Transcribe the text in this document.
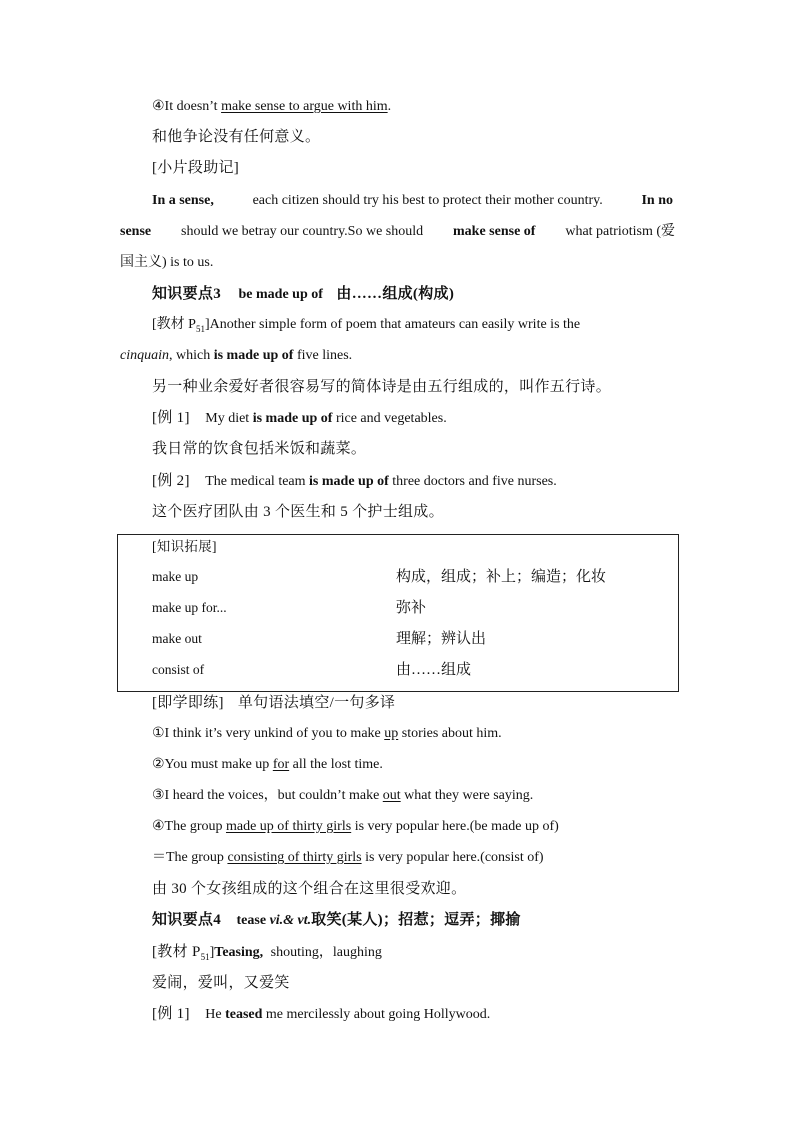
④It doesn’t make sense to argue with him.
和他争论没有任何意义。
[小片段助记]
In a sense,	each citizen should try his best to protect their mother country.	In no
sense should we betray our country.So we should make sense of what patriotism (爱
国主义) is to us.
知识要点3 be made up of 由……组成(构成)
[教材 $P_{51}]Another$ simple form of poem that amateurs can easily write is the
cinquain, which is made up of five lines.
另一种业余爱好者很容易写的简体诗是由五行组成的，叫作五行诗。
[例 1] My diet is made up of rice and vegetables.
我日常的饮食包括米饭和蔬菜。
[例 2] The medical team is made up of three doctors and five nurses.
这个医疗团队由 3 个医生和 5 个护士组成。
[知识拓展]
make up	构成，组成；补上；编造；化妆
make up for...	弥补
make out	理解；辨认出
consist of	由……组成
[即学即练] 单句语法填空/一句多译
①I think it’s very unkind of you to make up stories about him.
②You must make up for all the lost time.
③I heard the voices，but couldn’t make out what they were saying.
④The group made up of thirty girls is very popular here.(be made up of)
＝The group consisting of thirty girls is very popular here.(consist of)
由 30 个女孩组成的这个组合在这里很受欢迎。
知识要点4 tease vi.& vt.取笑(某人)；招惹；逗弄；揶揄
[教材 $P_{51}]Teasing$, shouting，laughing
爱闹，爱叫，又爱笑
[例 1] He teased me mercilessly about going Hollywood.
